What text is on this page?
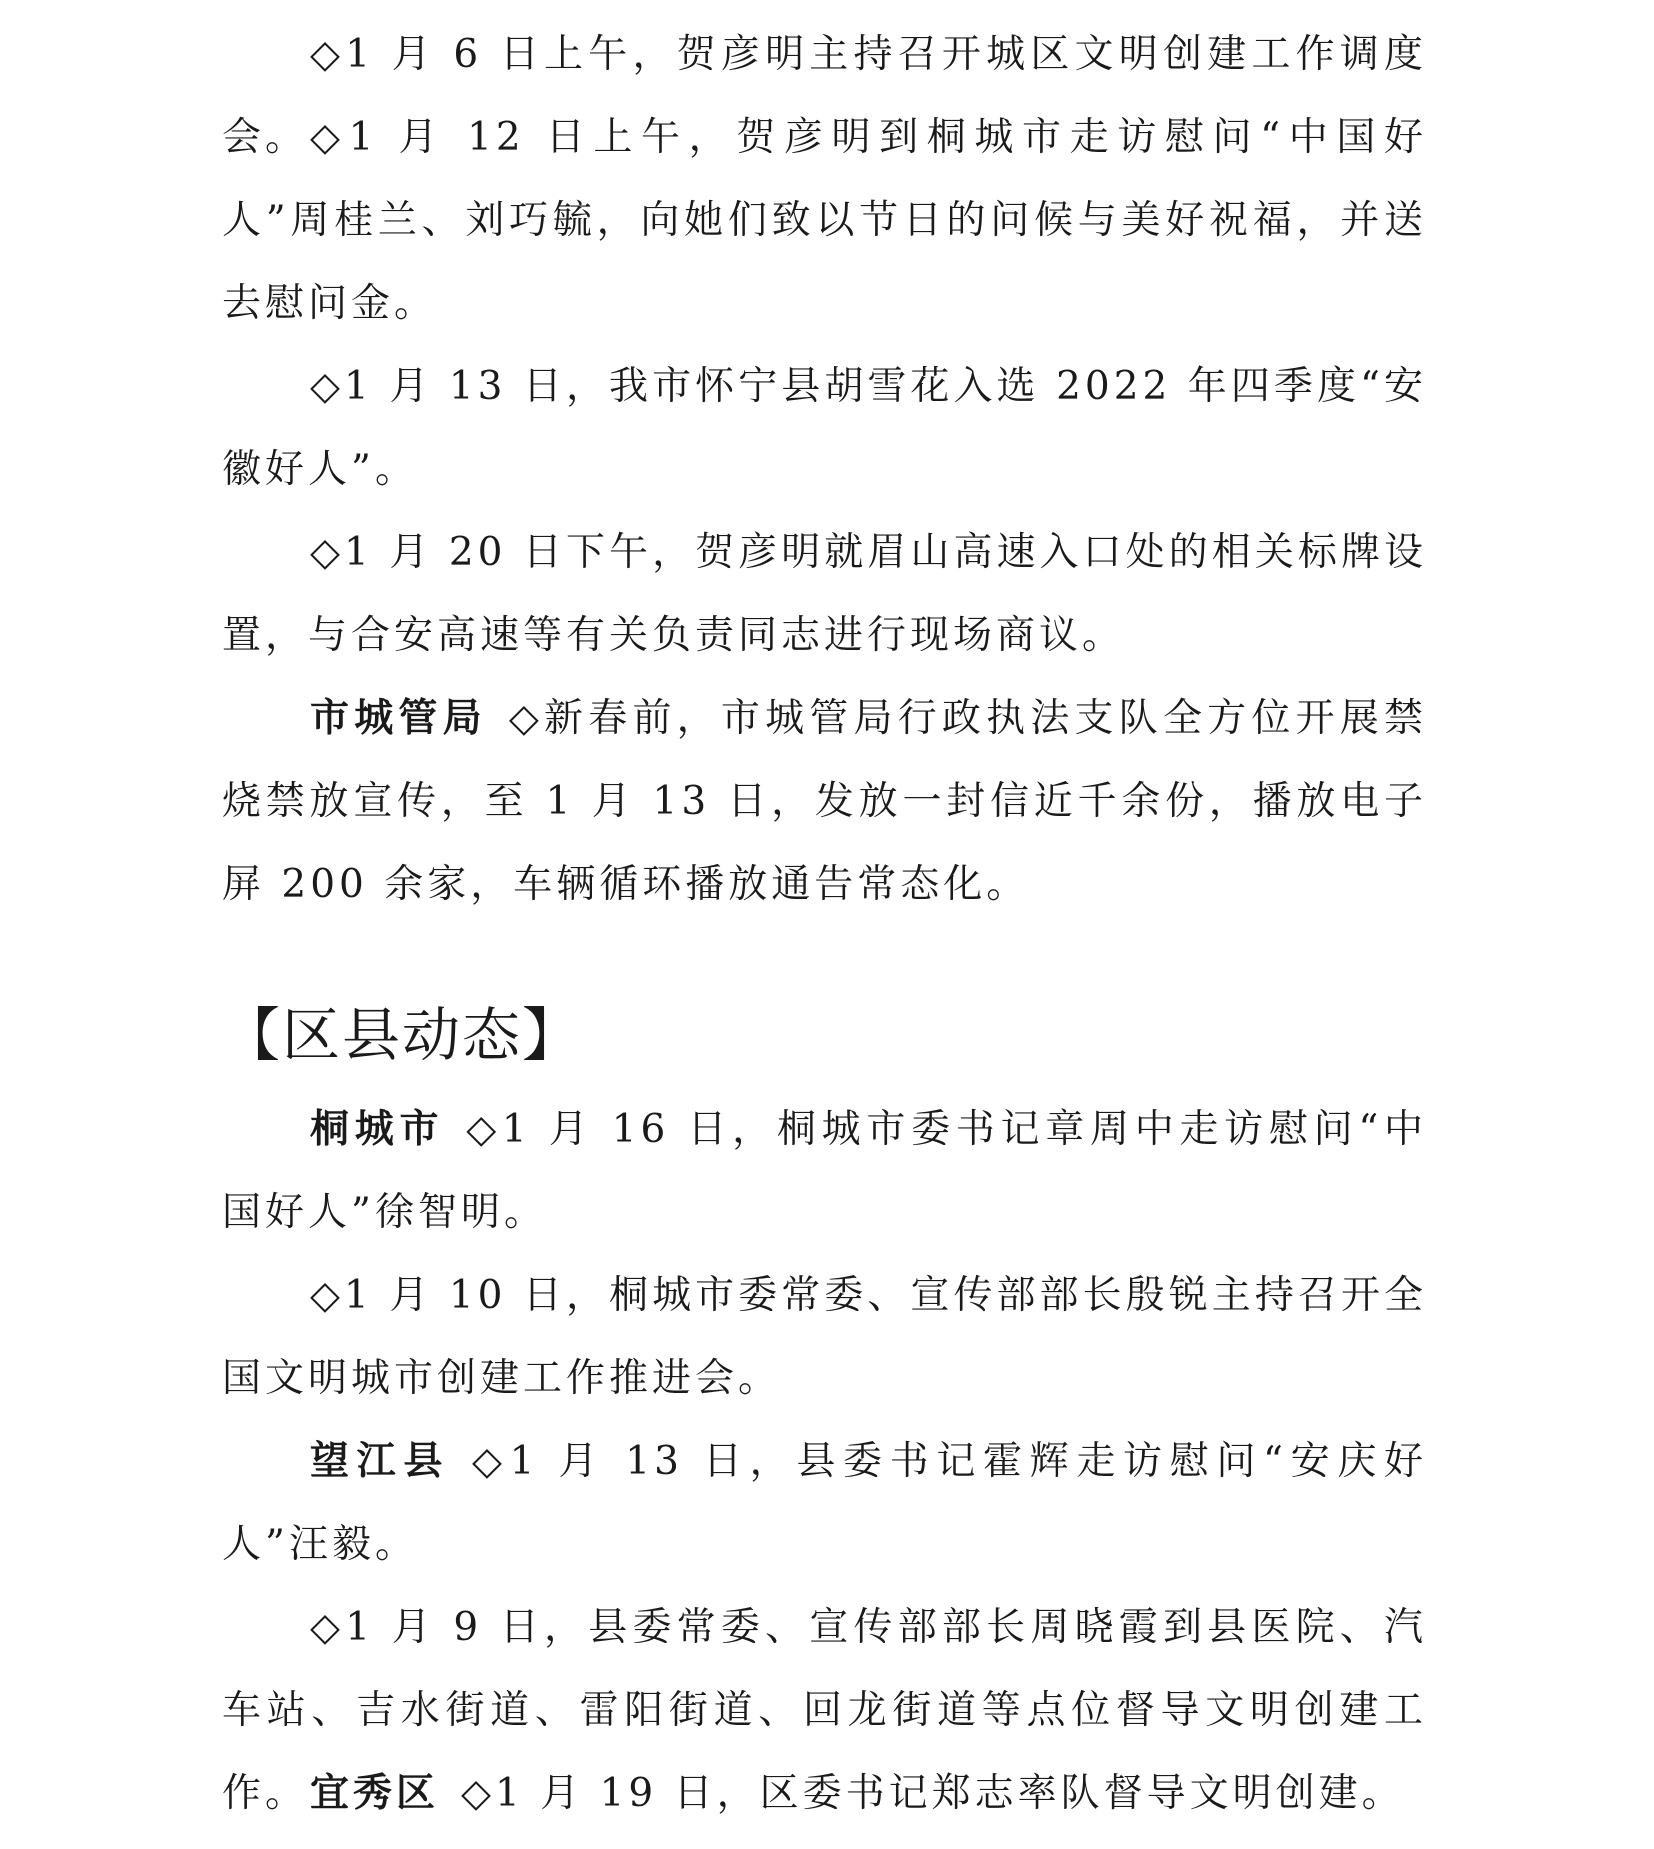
◇1 月 6 日上午，贺彦明主持召开城区文明创建工作调度会。 ◇1 月 12 日上午，贺彦明到桐城市走访慰问“中国好人”周桂兰、刘巧毓，向她们致以节日的问候与美好祝福，并送去慰问金。

◇1 月 13 日，我市怀宁县胡雪花入选 2022 年四季度“安徽好人”。

◇1 月 20 日下午，贺彦明就眉山高速入口处的相关标牌设置，与合安高速等有关负责同志进行现场商议。

市城管局 ◇新春前，市城管局行政执法支队全方位开展禁烧禁放宣传，至 1 月 13 日，发放一封信近千余份，播放电子屏 200 余家，车辆循环播放通告常态化。

【区县动态】

桐城市 ◇1 月 16 日，桐城市委书记章周中走访慰问“中国好人”徐智明。

◇1 月 10 日，桐城市委常委、宣传部部长殷锐主持召开全国文明城市创建工作推进会。

望江县 ◇1 月 13 日，县委书记霍辉走访慰问“安庆好人”汪毅。

◇1 月 9 日，县委常委、宣传部部长周晓霞到县医院、汽车站、吉水街道、雷阳街道、回龙街道等点位督导文明创建工作。 宜秀区 ◇1 月 19 日，区委书记郑志率队督导文明创建。
